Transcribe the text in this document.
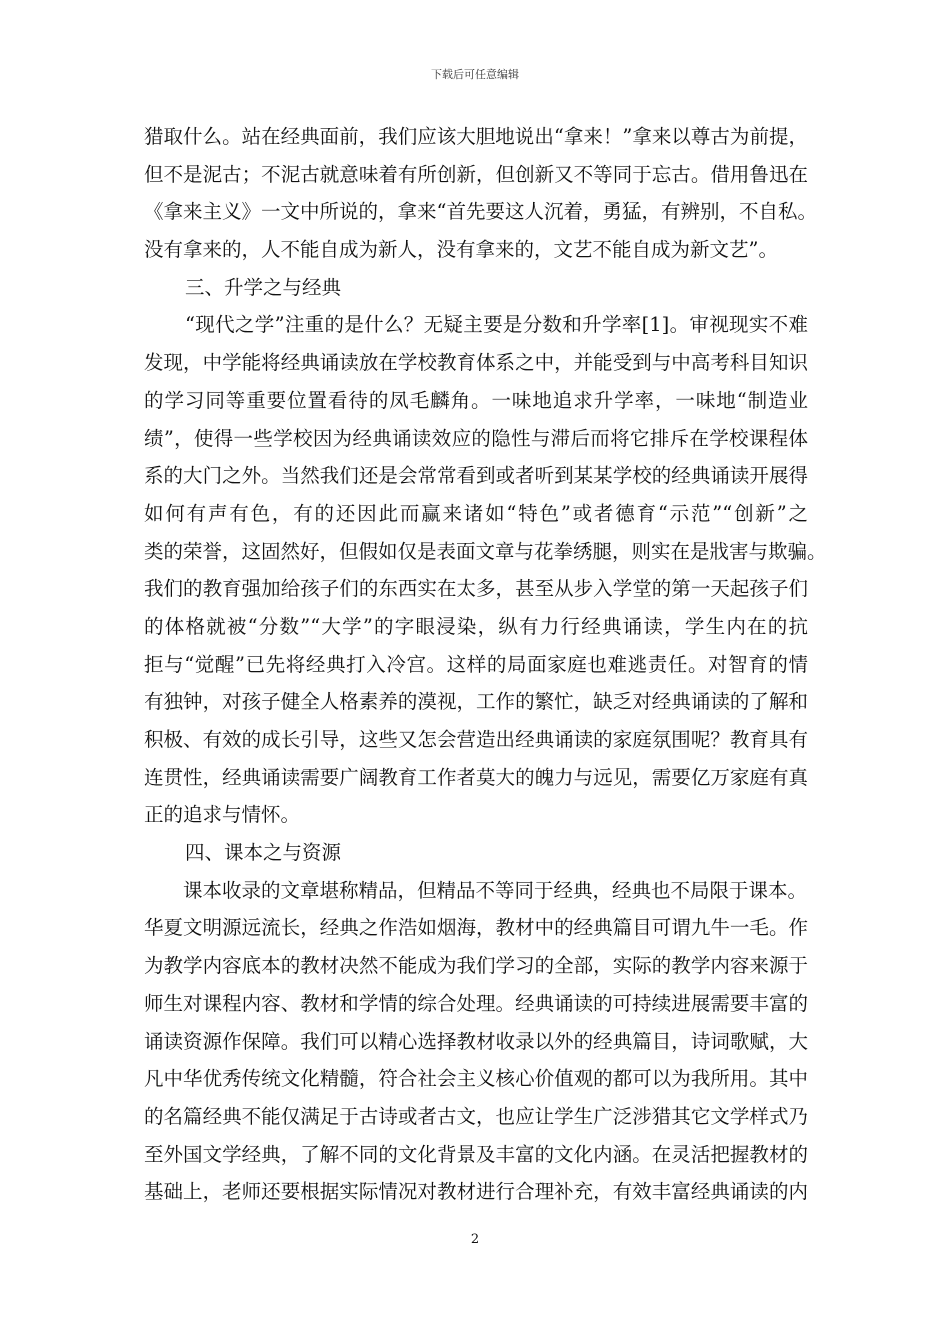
下载后可任意编辑
猎取什么。站在经典面前，我们应该大胆地说出“拿来！”拿来以尊古为前提，
但不是泥古；不泥古就意味着有所创新，但创新又不等同于忘古。借用鲁迅在
《拿来主义》一文中所说的，拿来“首先要这人沉着，勇猛，有辨别，不自私。
没有拿来的，人不能自成为新人，没有拿来的，文艺不能自成为新文艺”。
三、升学之与经典
“现代之学”注重的是什么？无疑主要是分数和升学率[1]。审视现实不难
发现，中学能将经典诵读放在学校教育体系之中，并能受到与中高考科目知识
的学习同等重要位置看待的凤毛麟角。一味地追求升学率，一味地“制造业
绩”，使得一些学校因为经典诵读效应的隐性与滞后而将它排斥在学校课程体
系的大门之外。当然我们还是会常常看到或者听到某某学校的经典诵读开展得
如何有声有色，有的还因此而赢来诸如“特色”或者德育“示范”“创新”之
类的荣誉，这固然好，但假如仅是表面文章与花拳绣腿，则实在是戕害与欺骗。
我们的教育强加给孩子们的东西实在太多，甚至从步入学堂的第一天起孩子们
的体格就被“分数”“大学”的字眼浸染，纵有力行经典诵读，学生内在的抗
拒与“觉醒”已先将经典打入冷宫。这样的局面家庭也难逃责任。对智育的情
有独钟，对孩子健全人格素养的漠视，工作的繁忙，缺乏对经典诵读的了解和
积极、有效的成长引导，这些又怎会营造出经典诵读的家庭氛围呢？教育具有
连贯性，经典诵读需要广阔教育工作者莫大的魄力与远见，需要亿万家庭有真
正的追求与情怀。
四、课本之与资源
课本收录的文章堪称精品，但精品不等同于经典，经典也不局限于课本。
华夏文明源远流长，经典之作浩如烟海，教材中的经典篇目可谓九牛一毛。作
为教学内容底本的教材决然不能成为我们学习的全部，实际的教学内容来源于
师生对课程内容、教材和学情的综合处理。经典诵读的可持续进展需要丰富的
诵读资源作保障。我们可以精心选择教材收录以外的经典篇目，诗词歌赋，大
凡中华优秀传统文化精髓，符合社会主义核心价值观的都可以为我所用。其中
的名篇经典不能仅满足于古诗或者古文，也应让学生广泛涉猎其它文学样式乃
至外国文学经典，了解不同的文化背景及丰富的文化内涵。在灵活把握教材的
基础上，老师还要根据实际情况对教材进行合理补充，有效丰富经典诵读的内
2
